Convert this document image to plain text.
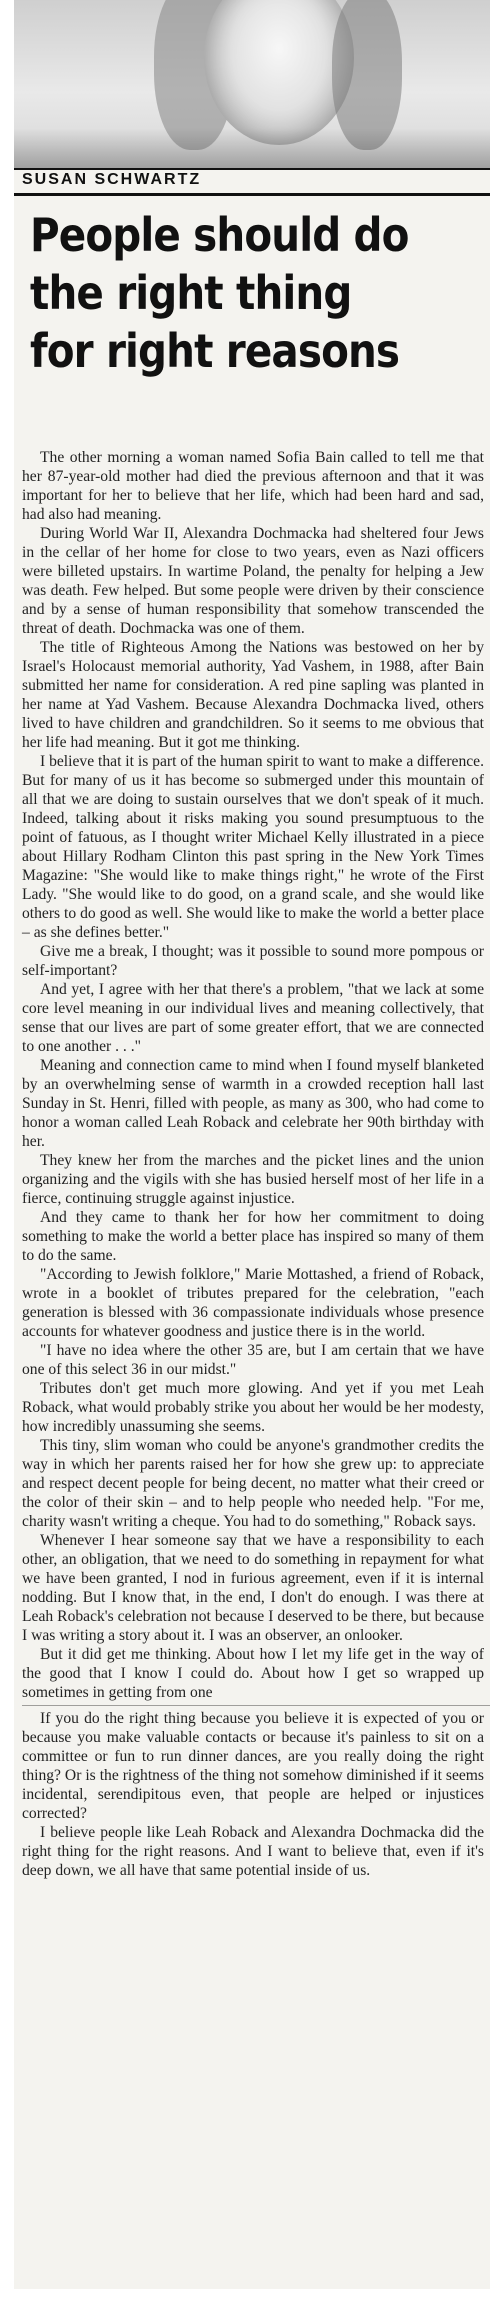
SUSAN SCHWARTZ
People should do
the right thing
for right reasons

The other morning a woman named Sofia Bain called to tell me that her 87-year-old mother had died the previous afternoon and that it was important for her to believe that her life, which had been hard and sad, had also had meaning.

During World War II, Alexandra Dochmacka had sheltered four Jews in the cellar of her home for close to two years, even as Nazi officers were billeted upstairs. In wartime Poland, the penalty for helping a Jew was death. Few helped. But some people were driven by their conscience and by a sense of human responsibility that somehow transcended the threat of death. Dochmacka was one of them.

The title of Righteous Among the Nations was bestowed on her by Israel's Holocaust memorial authority, Yad Vashem, in 1988, after Bain submitted her name for consideration. A red pine sapling was planted in her name at Yad Vashem. Because Alexandra Dochmacka lived, others lived to have children and grandchildren. So it seems to me obvious that her life had meaning. But it got me thinking.

I believe that it is part of the human spirit to want to make a difference. But for many of us it has become so submerged under this mountain of all that we are doing to sustain ourselves that we don't speak of it much. Indeed, talking about it risks making you sound presumptuous to the point of fatuous, as I thought writer Michael Kelly illustrated in a piece about Hillary Rodham Clinton this past spring in the New York Times Magazine: "She would like to make things right," he wrote of the First Lady. "She would like to do good, on a grand scale, and she would like others to do good as well. She would like to make the world a better place – as she defines better."

Give me a break, I thought; was it possible to sound more pompous or self-important?

And yet, I agree with her that there's a problem, "that we lack at some core level meaning in our individual lives and meaning collectively, that sense that our lives are part of some greater effort, that we are connected to one another . . ."

Meaning and connection came to mind when I found myself blanketed by an overwhelming sense of warmth in a crowded reception hall last Sunday in St. Henri, filled with people, as many as 300, who had come to honor a woman called Leah Roback and celebrate her 90th birthday with her.

They knew her from the marches and the picket lines and the union organizing and the vigils with she has busied herself most of her life in a fierce, continuing struggle against injustice.

And they came to thank her for how her commitment to doing something to make the world a better place has inspired so many of them to do the same.

"According to Jewish folklore," Marie Mottashed, a friend of Roback, wrote in a booklet of tributes prepared for the celebration, "each generation is blessed with 36 compassionate individuals whose presence accounts for whatever goodness and justice there is in the world.

"I have no idea where the other 35 are, but I am certain that we have one of this select 36 in our midst."

Tributes don't get much more glowing. And yet if you met Leah Roback, what would probably strike you about her would be her modesty, how incredibly unassuming she seems.

This tiny, slim woman who could be anyone's grandmother credits the way in which her parents raised her for how she grew up: to appreciate and respect decent people for being decent, no matter what their creed or the color of their skin – and to help people who needed help. "For me, charity wasn't writing a cheque. You had to do something," Roback says.

Whenever I hear someone say that we have a responsibility to each other, an obligation, that we need to do something in repayment for what we have been granted, I nod in furious agreement, even if it is internal nodding. But I know that, in the end, I don't do enough. I was there at Leah Roback's celebration not because I deserved to be there, but because I was writing a story about it. I was an observer, an onlooker.

But it did get me thinking. About how I let my life get in the way of the good that I know I could do. About how I get so wrapped up sometimes in getting from one

If you do the right thing because you believe it is expected of you or because you make valuable contacts or because it's painless to sit on a committee or fun to run dinner dances, are you really doing the right thing? Or is the rightness of the thing not somehow diminished if it seems incidental, serendipitous even, that people are helped or injustices corrected?

I believe people like Leah Roback and Alexandra Dochmacka did the right thing for the right reasons. And I want to believe that, even if it's deep down, we all have that same potential inside of us.
